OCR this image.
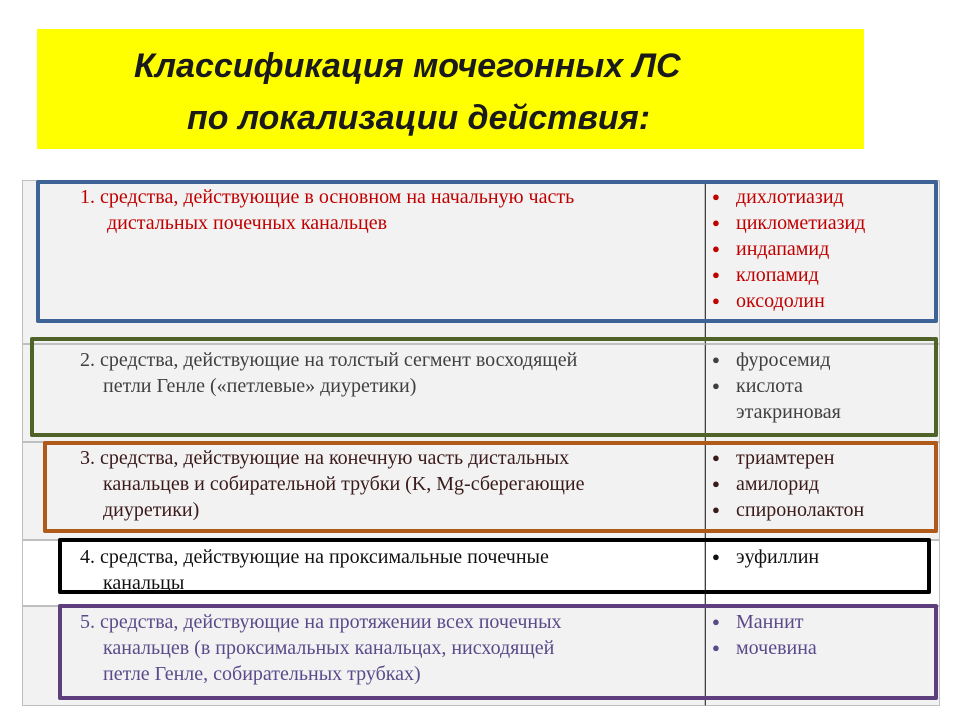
Классификация мочегонных ЛС
по локализации действия:
1. средства, действующие в основном на начальную часть
дистальных почечных канальцев
● дихлотиазид
● циклометиазид
● индапамид
● клопамид
● оксодолин
2. средства, действующие на толстый сегмент восходящей
петли Генле («петлевые» диуретики)
● фуросемид
● кислота
этакриновая
3. средства, действующие на конечную часть дистальных
канальцев и собирательной трубки (K, Mg-сберегающие
диуретики)
● триамтерен
● амилорид
● спиронолактон
4. средства, действующие на проксимальные почечные
канальцы
● эуфиллин
5. средства, действующие на протяжении всех почечных
канальцев (в проксимальных канальцах, нисходящей
петле Генле, собирательных трубках)
● Маннит
● мочевина
